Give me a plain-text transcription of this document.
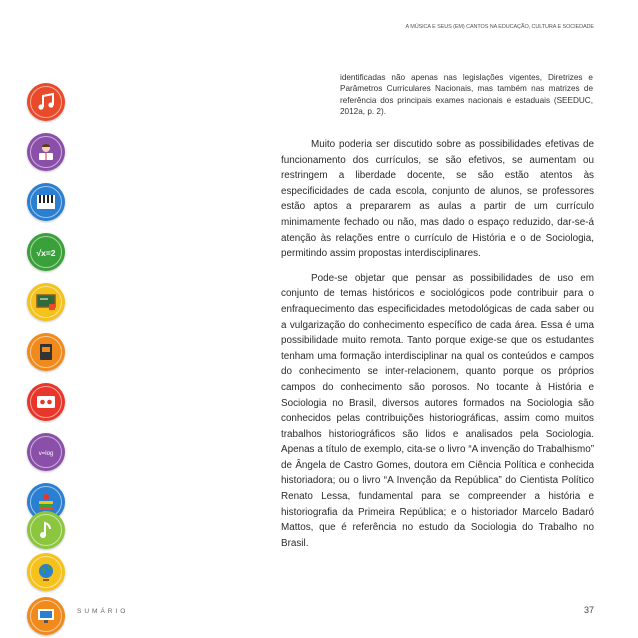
A MÚSICA E SEUS (EM) CANTOS NA EDUCAÇÃO, CULTURA E SOCIEDADE
√x=2
v=log
identificadas não apenas nas legislações vigentes, Diretrizes e Parâmetros Curriculares Nacionais, mas também nas matrizes de referência dos principais exames nacionais e estaduais (SEEDUC, 2012a, p. 2).

Muito poderia ser discutido sobre as possibilidades efetivas de funcionamento dos currículos, se são efetivos, se aumentam ou restringem a liberdade docente, se são estão atentos às especificidades de cada escola, conjunto de alunos, se professores estão aptos a prepararem as aulas a partir de um currículo minimamente fechado ou não, mas dado o espaço reduzido, dar-se-á atenção às relações entre o currículo de História e o de Sociologia, permitindo assim propostas interdisciplinares.

Pode-se objetar que pensar as possibilidades de uso em conjunto de temas históricos e sociológicos pode contribuir para o enfraquecimento das especificidades metodológicas de cada saber ou a vulgarização do conhecimento específico de cada área. Essa é uma possibilidade muito remota. Tanto porque exige-se que os estudantes tenham uma formação interdisciplinar na qual os conteúdos e campos do conhecimento se inter-relacionem, quanto porque os próprios campos do conhecimento são porosos. No tocante à História e Sociologia no Brasil, diversos autores formados na Sociologia são conhecidos pelas contribuições historiográficas, assim como muitos trabalhos historiográficos são lidos e analisados pela Sociologia. Apenas a título de exemplo, cita-se o livro “A invenção do Trabalhismo” de Ângela de Castro Gomes, doutora em Ciência Política e conhecida historiadora; ou o livro “A Invenção da República” do Cientista Político Renato Lessa, fundamental para se compreender a história e historiografia da Primeira República; e o historiador Marcelo Badaró Mattos, que é referência no estudo da Sociologia do Trabalho no Brasil.

SUMÁRIO	37
